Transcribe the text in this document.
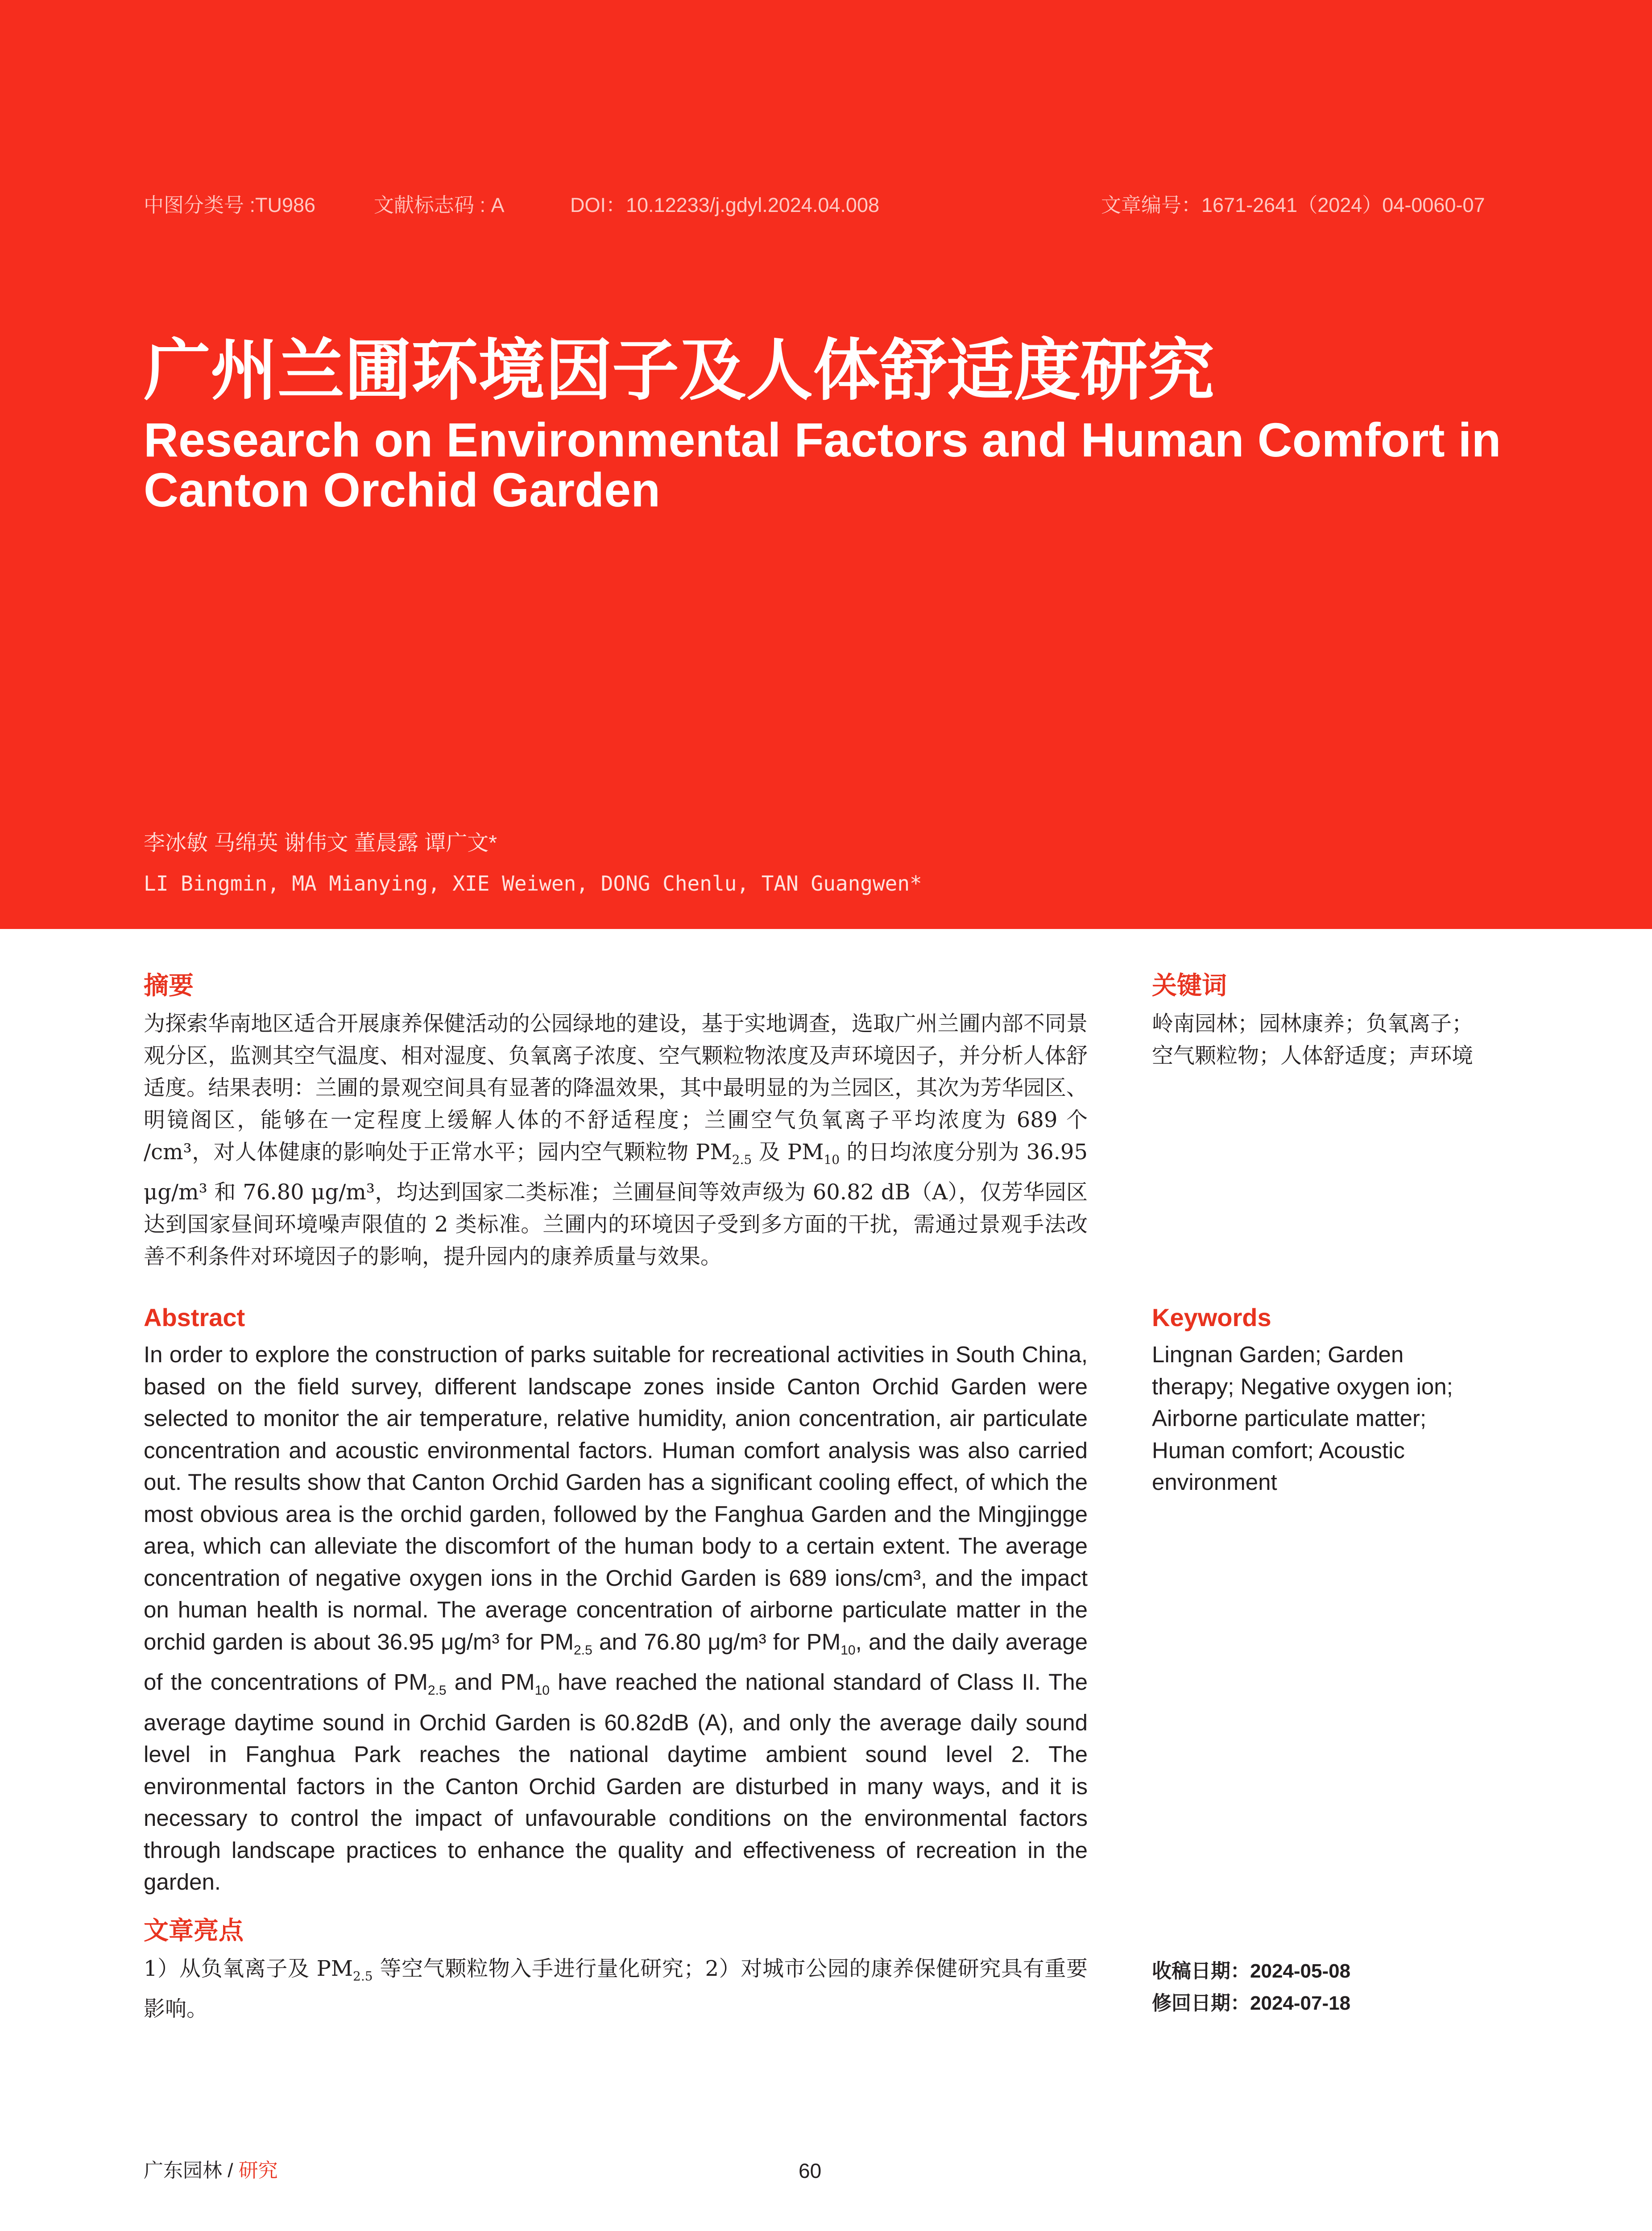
中图分类号 :TU986	文献标志码 : A	DOI：10.12233/j.gdyl.2024.04.008	文章编号：1671-2641（2024）04-0060-07
广州兰圃环境因子及人体舒适度研究
Research on Environmental Factors and Human Comfort in Canton Orchid Garden
李冰敏 马绵英 谢伟文 董晨露 谭广文*
LI Bingmin, MA Mianying, XIE Weiwen, DONG Chenlu, TAN Guangwen*
摘要
为探索华南地区适合开展康养保健活动的公园绿地的建设，基于实地调查，选取广州兰圃内部不同景观分区，监测其空气温度、相对湿度、负氧离子浓度、空气颗粒物浓度及声环境因子，并分析人体舒适度。结果表明：兰圃的景观空间具有显著的降温效果，其中最明显的为兰园区，其次为芳华园区、明镜阁区，能够在一定程度上缓解人体的不舒适程度；兰圃空气负氧离子平均浓度为 689 个 /cm³，对人体健康的影响处于正常水平；园内空气颗粒物 $PM_{2.5}$ 及 $PM_{10}$ 的日均浓度分别为 36.95 μg/m³ 和 76.80 μg/m³，均达到国家二类标准；兰圃昼间等效声级为 60.82 dB（A），仅芳华园区达到国家昼间环境噪声限值的 2 类标准。兰圃内的环境因子受到多方面的干扰，需通过景观手法改善不利条件对环境因子的影响，提升园内的康养质量与效果。
关键词
岭南园林；园林康养；负氧离子；空气颗粒物；人体舒适度；声环境
Abstract
In order to explore the construction of parks suitable for recreational activities in South China, based on the field survey, different landscape zones inside Canton Orchid Garden were selected to monitor the air temperature, relative humidity, anion concentration, air particulate concentration and acoustic environmental factors. Human comfort analysis was also carried out. The results show that Canton Orchid Garden has a significant cooling effect, of which the most obvious area is the orchid garden, followed by the Fanghua Garden and the Mingjingge area, which can alleviate the discomfort of the human body to a certain extent. The average concentration of negative oxygen ions in the Orchid Garden is 689 ions/cm³, and the impact on human health is normal. The average concentration of airborne particulate matter in the orchid garden is about 36.95 μg/m³ for $PM_{2.5}$ and 76.80 μg/m³ for $PM_{10}$, and the daily average of the concentrations of $PM_{2.5}$ and $PM_{10}$ have reached the national standard of Class II. The average daytime sound in Orchid Garden is 60.82dB (A), and only the average daily sound level in Fanghua Park reaches the national daytime ambient sound level 2. The environmental factors in the Canton Orchid Garden are disturbed in many ways, and it is necessary to control the impact of unfavourable conditions on the environmental factors through landscape practices to enhance the quality and effectiveness of recreation in the garden.
Keywords
Lingnan Garden; Garden therapy; Negative oxygen ion; Airborne particulate matter; Human comfort; Acoustic environment
文章亮点
1）从负氧离子及 $PM_{2.5}$ 等空气颗粒物入手进行量化研究；2）对城市公园的康养保健研究具有重要影响。
收稿日期：2024-05-08
修回日期：2024-07-18
广东园林 / 研究	60
